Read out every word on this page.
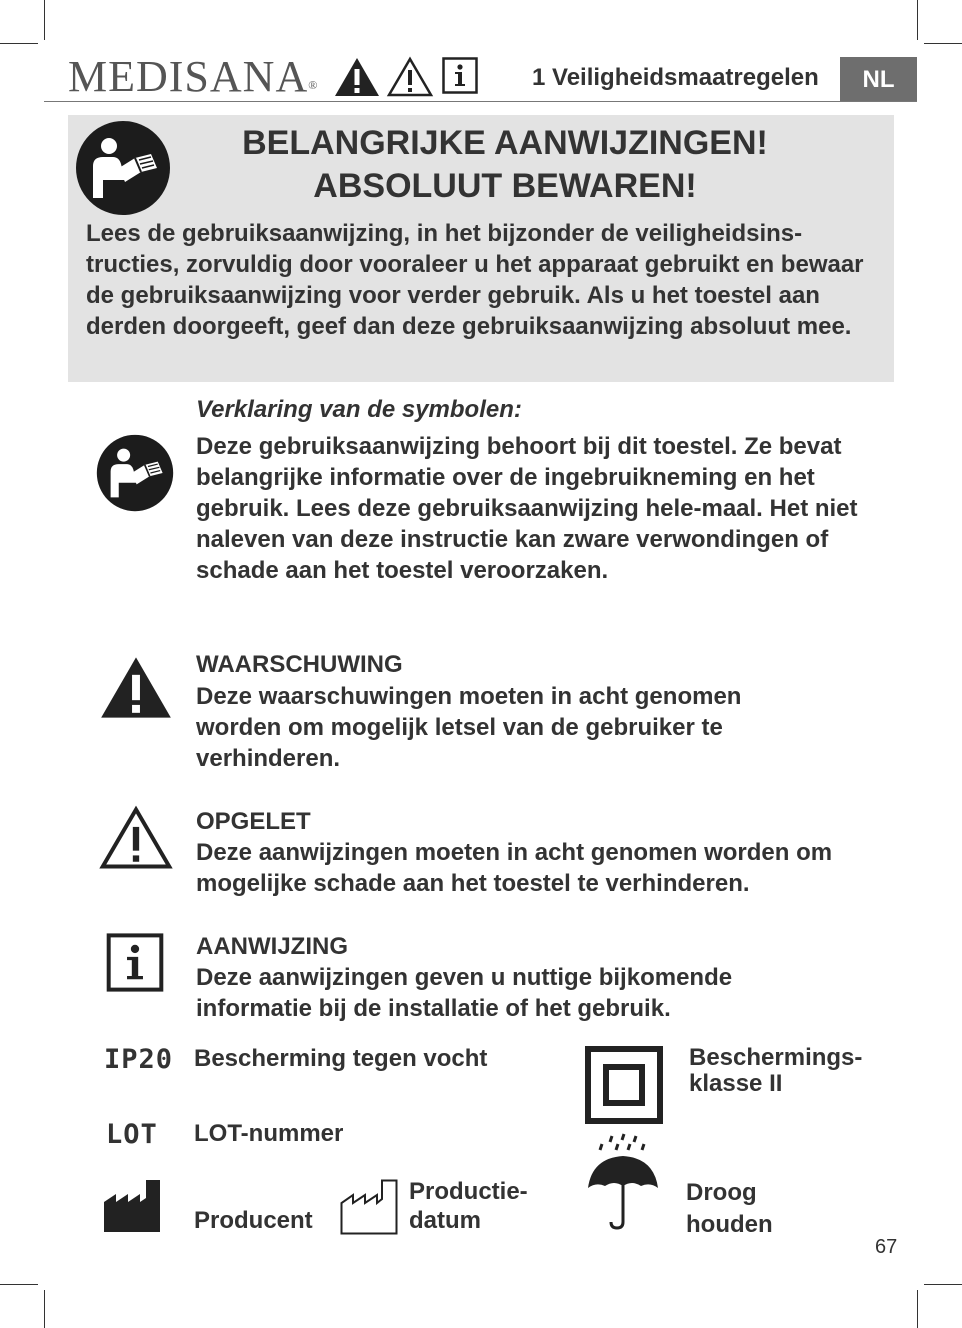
MEDISANA®	1 Veiligheidsmaatregelen NL
BELANGRIJKE AANWIJZINGEN!
ABSOLUUT BEWAREN!
Lees de gebruiksaanwijzing, in het bijzonder de veiligheidsins-tructies, zorvuldig door vooraleer u het apparaat gebruikt en bewaar de gebruiksaanwijzing voor verder gebruik. Als u het toestel aan derden doorgeeft, geef dan deze gebruiksaanwijzing absoluut mee.
Verklaring van de symbolen:
Deze gebruiksaanwijzing behoort bij dit toestel. Ze bevat belangrijke informatie over de ingebruikneming en het gebruik. Lees deze gebruiksaanwijzing hele-maal. Het niet naleven van deze instructie kan zware verwondingen of schade aan het toestel veroorzaken.
WAARSCHUWING
Deze waarschuwingen moeten in acht genomen worden om mogelijk letsel van de gebruiker te verhinderen.
OPGELET
Deze aanwijzingen moeten in acht genomen worden om mogelijke schade aan het toestel te verhinderen.
AANWIJZING
Deze aanwijzingen geven u nuttige bijkomende informatie bij de installatie of het gebruik.
IP20 Bescherming tegen vocht
LOT LOT-nummer
Producent
Productie-
datum
Beschermings-
klasse II
Droog
houden
67
